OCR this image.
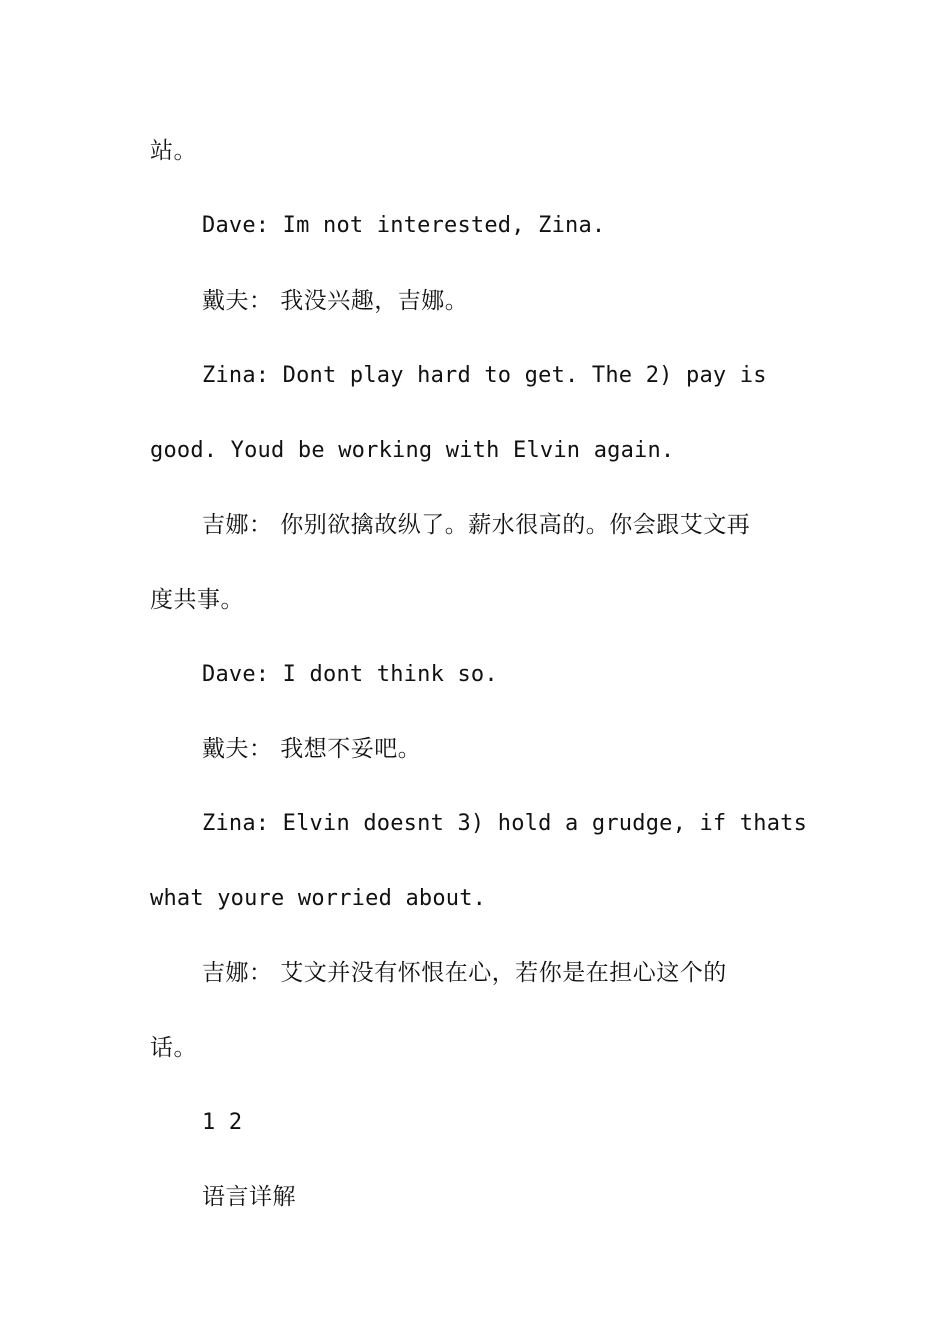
站。
Dave: Im not interested, Zina.
戴夫： 我没兴趣，吉娜。
Zina: Dont play hard to get. The 2) pay is
good. Youd be working with Elvin again.
吉娜： 你别欲擒故纵了。薪水很高的。你会跟艾文再
度共事。
Dave: I dont think so.
戴夫： 我想不妥吧。
Zina: Elvin doesnt 3) hold a grudge, if thats
what youre worried about.
吉娜： 艾文并没有怀恨在心，若你是在担心这个的
话。
1 2
语言详解
